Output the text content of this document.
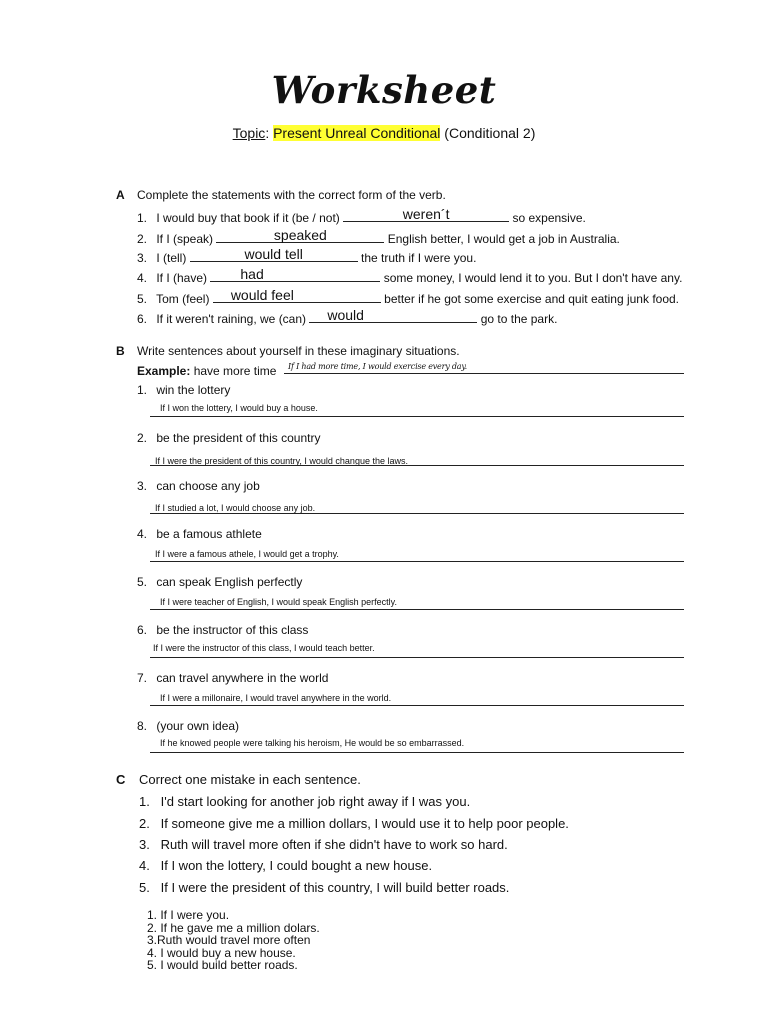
Worksheet
Topic: Present Unreal Conditional (Conditional 2)
A Complete the statements with the correct form of the verb.
1. I would buy that book if it (be / not)	weren´t	so expensive.
2. If I (speak)	speaked	English better, I would get a job in Australia.
3. I (tell)	would tell	the truth if I were you.
4. If I (have)	had	some money, I would lend it to you. But I don't have any.
5. Tom (feel)	would feel	better if he got some exercise and quit eating junk food.
6. If it weren't raining, we (can)	would	go to the park.
B Write sentences about yourself in these imaginary situations.
Example: have more time If I had more time, I would exercise every day.
1. win the lottery
If I won the lottery, I would buy a house.
2. be the president of this country
If I were the president of this country, I would changue the laws.
3. can choose any job
If I studied a lot, I would choose any job.
4. be a famous athlete
If I were a famous athele, I would get a trophy.
5. can speak English perfectly
If I were teacher of English, I would speak English perfectly.
6. be the instructor of this class
If I were the instructor of this class, I would teach better.
7. can travel anywhere in the world
If I were a millonaire, I would travel anywhere in the world.
8. (your own idea)
If he knowed people were talking his heroism, He would be so embarrassed.
C Correct one mistake in each sentence.
1. I'd start looking for another job right away if I was you.
2. If someone give me a million dollars, I would use it to help poor people.
3. Ruth will travel more often if she didn't have to work so hard.
4. If I won the lottery, I could bought a new house.
5. If I were the president of this country, I will build better roads.
1. If I were you.
2. If he gave me a million dolars.
3.Ruth would travel more often
4. I would buy a new house.
5. I would build better roads.
